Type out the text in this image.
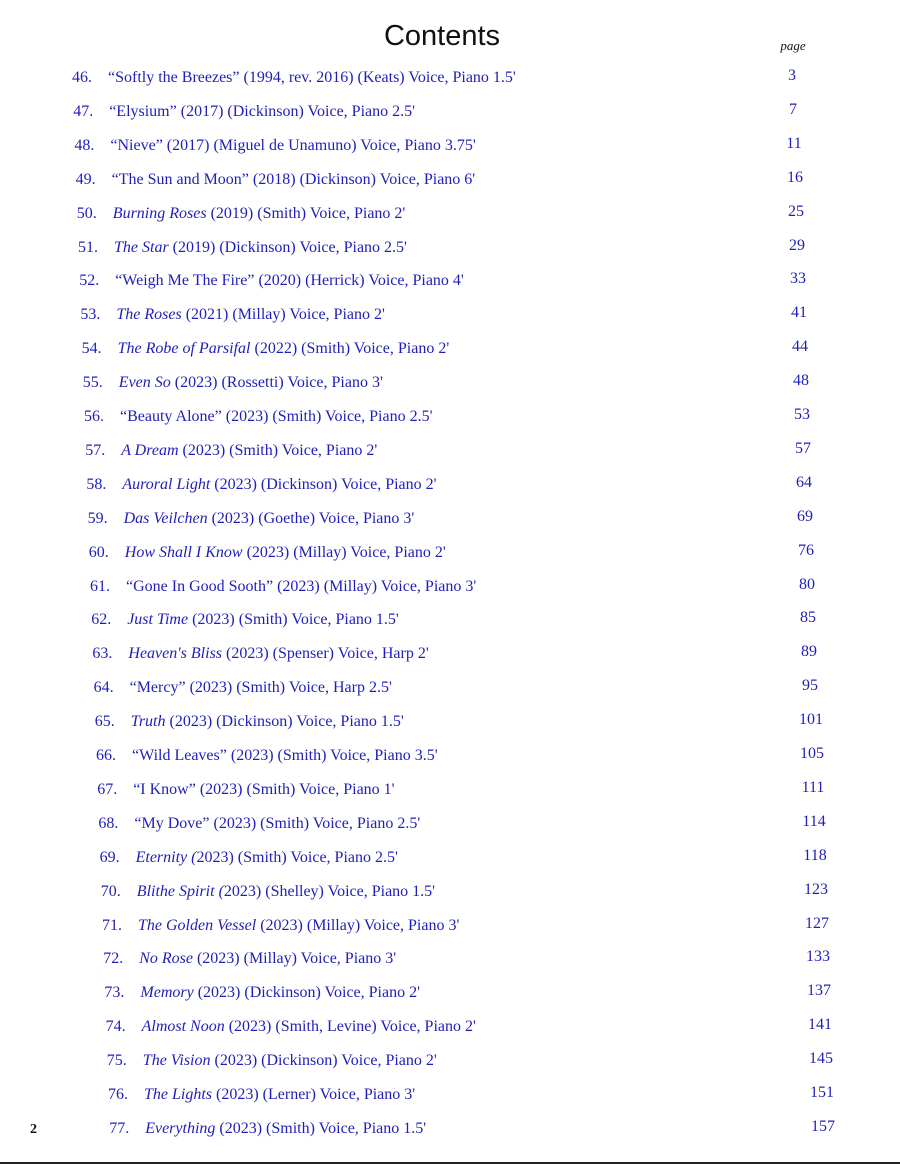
Contents	page
46. “Softly the Breezes” (1994, rev. 2016) (Keats) Voice, Piano 1.5'	3
47. “Elysium” (2017) (Dickinson) Voice, Piano 2.5'	7
48. “Nieve” (2017) (Miguel de Unamuno) Voice, Piano 3.75'	11
49. “The Sun and Moon” (2018) (Dickinson) Voice, Piano 6'	16
50. Burning Roses (2019) (Smith) Voice, Piano 2'	25
51. The Star (2019) (Dickinson) Voice, Piano 2.5'	29
52. “Weigh Me The Fire” (2020) (Herrick) Voice, Piano 4'	33
53. The Roses (2021) (Millay) Voice, Piano 2'	41
54. The Robe of Parsifal (2022) (Smith) Voice, Piano 2'	44
55. Even So (2023) (Rossetti) Voice, Piano 3'	48
56. “Beauty Alone” (2023) (Smith) Voice, Piano 2.5'	53
57. A Dream (2023) (Smith) Voice, Piano 2'	57
58. Auroral Light (2023) (Dickinson) Voice, Piano 2'	64
59. Das Veilchen (2023) (Goethe) Voice, Piano 3'	69
60. How Shall I Know (2023) (Millay) Voice, Piano 2'	76
61. “Gone In Good Sooth” (2023) (Millay) Voice, Piano 3'	80
62. Just Time (2023) (Smith) Voice, Piano 1.5'	85
63. Heaven's Bliss (2023) (Spenser) Voice, Harp 2'	89
64. “Mercy” (2023) (Smith) Voice, Harp 2.5'	95
65. Truth (2023) (Dickinson) Voice, Piano 1.5'	101
66. “Wild Leaves” (2023) (Smith) Voice, Piano 3.5'	105
67. “I Know” (2023) (Smith) Voice, Piano 1'	111
68. “My Dove” (2023) (Smith) Voice, Piano 2.5'	114
69. Eternity (2023) (Smith) Voice, Piano 2.5'	118
70. Blithe Spirit (2023) (Shelley) Voice, Piano 1.5'	123
71. The Golden Vessel (2023) (Millay) Voice, Piano 3'	127
72. No Rose (2023) (Millay) Voice, Piano 3'	133
73. Memory (2023) (Dickinson) Voice, Piano 2'	137
74. Almost Noon (2023) (Smith, Levine) Voice, Piano 2'	141
75. The Vision (2023) (Dickinson) Voice, Piano 2'	145
76. The Lights (2023) (Lerner) Voice, Piano 3'	151
77. Everything (2023) (Smith) Voice, Piano 1.5'	157
2
